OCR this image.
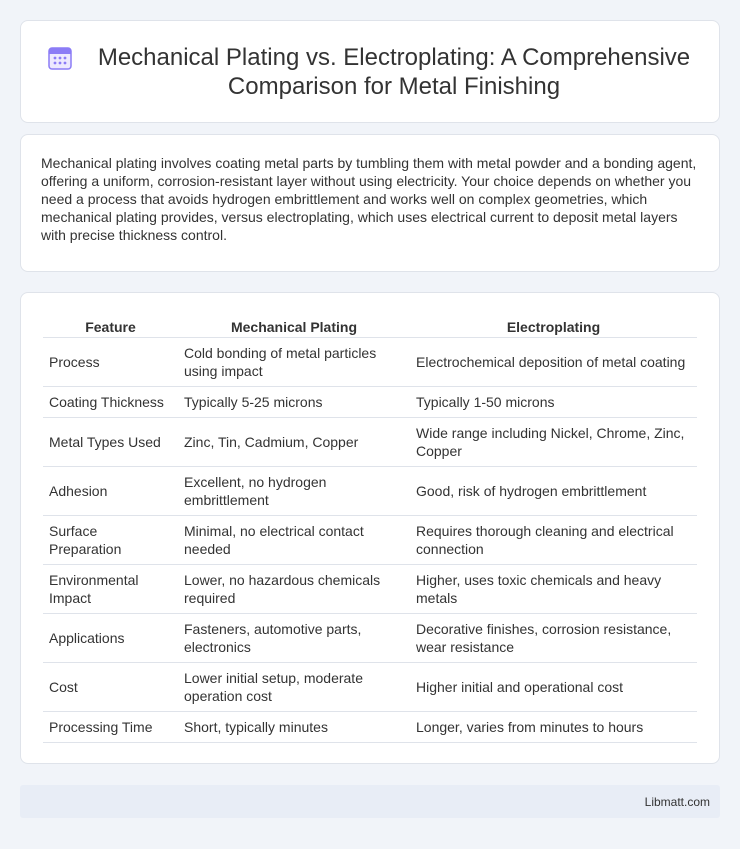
Mechanical Plating vs. Electroplating: A Comprehensive Comparison for Metal Finishing

Mechanical plating involves coating metal parts by tumbling them with metal powder and a bonding agent, offering a uniform, corrosion-resistant layer without using electricity. Your choice depends on whether you need a process that avoids hydrogen embrittlement and works well on complex geometries, which mechanical plating provides, versus electroplating, which uses electrical current to deposit metal layers with precise thickness control.

Feature	Mechanical Plating	Electroplating
Process	Cold bonding of metal particles using impact	Electrochemical deposition of metal coating
Coating Thickness	Typically 5-25 microns	Typically 1-50 microns
Metal Types Used	Zinc, Tin, Cadmium, Copper	Wide range including Nickel, Chrome, Zinc, Copper
Adhesion	Excellent, no hydrogen embrittlement	Good, risk of hydrogen embrittlement
Surface Preparation	Minimal, no electrical contact needed	Requires thorough cleaning and electrical connection
Environmental Impact	Lower, no hazardous chemicals required	Higher, uses toxic chemicals and heavy metals
Applications	Fasteners, automotive parts, electronics	Decorative finishes, corrosion resistance, wear resistance
Cost	Lower initial setup, moderate operation cost	Higher initial and operational cost
Processing Time	Short, typically minutes	Longer, varies from minutes to hours
Libmatt.com
